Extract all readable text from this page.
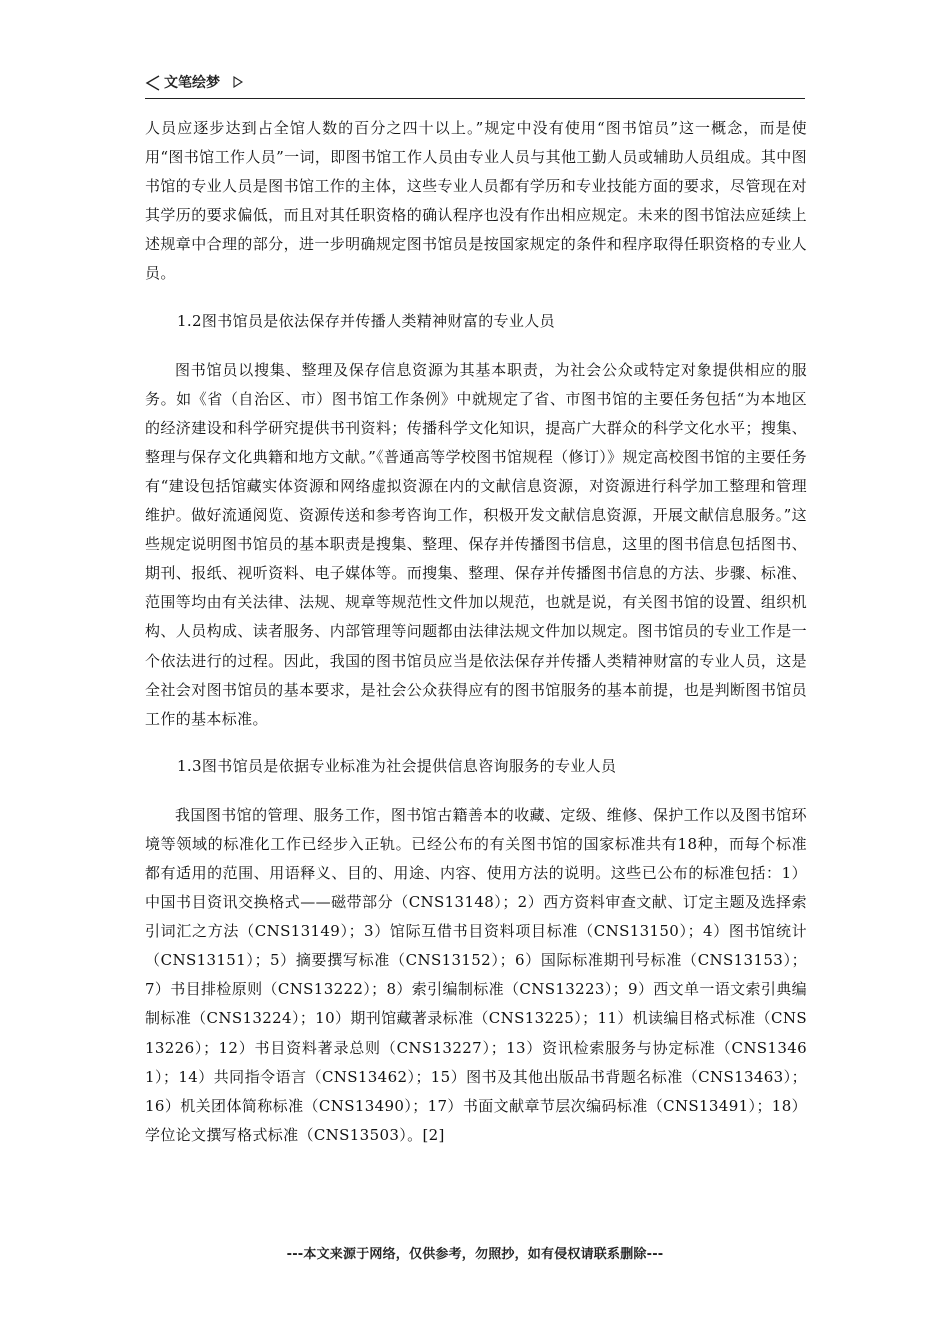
文笔绘梦

人员应逐步达到占全馆人数的百分之四十以上。”规定中没有使用“图书馆员”这一概念，而是使用“图书馆工作人员”一词，即图书馆工作人员由专业人员与其他工勤人员或辅助人员组成。其中图书馆的专业人员是图书馆工作的主体，这些专业人员都有学历和专业技能方面的要求，尽管现在对其学历的要求偏低，而且对其任职资格的确认程序也没有作出相应规定。未来的图书馆法应延续上述规章中合理的部分，进一步明确规定图书馆员是按国家规定的条件和程序取得任职资格的专业人员。

1.2图书馆员是依法保存并传播人类精神财富的专业人员

图书馆员以搜集、整理及保存信息资源为其基本职责，为社会公众或特定对象提供相应的服务。如《省（自治区、市）图书馆工作条例》中就规定了省、市图书馆的主要任务包括“为本地区的经济建设和科学研究提供书刊资料；传播科学文化知识，提高广大群众的科学文化水平；搜集、整理与保存文化典籍和地方文献。”《普通高等学校图书馆规程（修订）》规定高校图书馆的主要任务有“建设包括馆藏实体资源和网络虚拟资源在内的文献信息资源，对资源进行科学加工整理和管理维护。做好流通阅览、资源传送和参考咨询工作，积极开发文献信息资源，开展文献信息服务。”这些规定说明图书馆员的基本职责是搜集、整理、保存并传播图书信息，这里的图书信息包括图书、期刊、报纸、视听资料、电子媒体等。而搜集、整理、保存并传播图书信息的方法、步骤、标准、范围等均由有关法律、法规、规章等规范性文件加以规范，也就是说，有关图书馆的设置、组织机构、人员构成、读者服务、内部管理等问题都由法律法规文件加以规定。图书馆员的专业工作是一个依法进行的过程。因此，我国的图书馆员应当是依法保存并传播人类精神财富的专业人员，这是全社会对图书馆员的基本要求，是社会公众获得应有的图书馆服务的基本前提，也是判断图书馆员工作的基本标准。

1.3图书馆员是依据专业标准为社会提供信息咨询服务的专业人员

我国图书馆的管理、服务工作，图书馆古籍善本的收藏、定级、维修、保护工作以及图书馆环境等领域的标准化工作已经步入正轨。已经公布的有关图书馆的国家标准共有18种，而每个标准都有适用的范围、用语释义、目的、用途、内容、使用方法的说明。这些已公布的标准包括：1）中国书目资讯交换格式——磁带部分（CNS13148）；2）西方资料审查文献、订定主题及选择索引词汇之方法（CNS13149）；3）馆际互借书目资料项目标准（CNS13150）；4）图书馆统计（CNS13151）；5）摘要撰写标准（CNS13152）；6）国际标准期刊号标准（CNS13153）；7）书目排检原则（CNS13222）；8）索引编制标准（CNS13223）；9）西文单一语文索引典编制标准（CNS13224）；10）期刊馆藏著录标准（CNS13225）；11）机读编目格式标准（CNS13226）；12）书目资料著录总则（CNS13227）；13）资讯检索服务与协定标准（CNS13461）；14）共同指令语言（CNS13462）；15）图书及其他出版品书背题名标准（CNS13463）；16）机关团体简称标准（CNS13490）；17）书面文献章节层次编码标准（CNS13491）；18）学位论文撰写格式标准（CNS13503）。[2]

---本文来源于网络，仅供参考，勿照抄，如有侵权请联系删除---
